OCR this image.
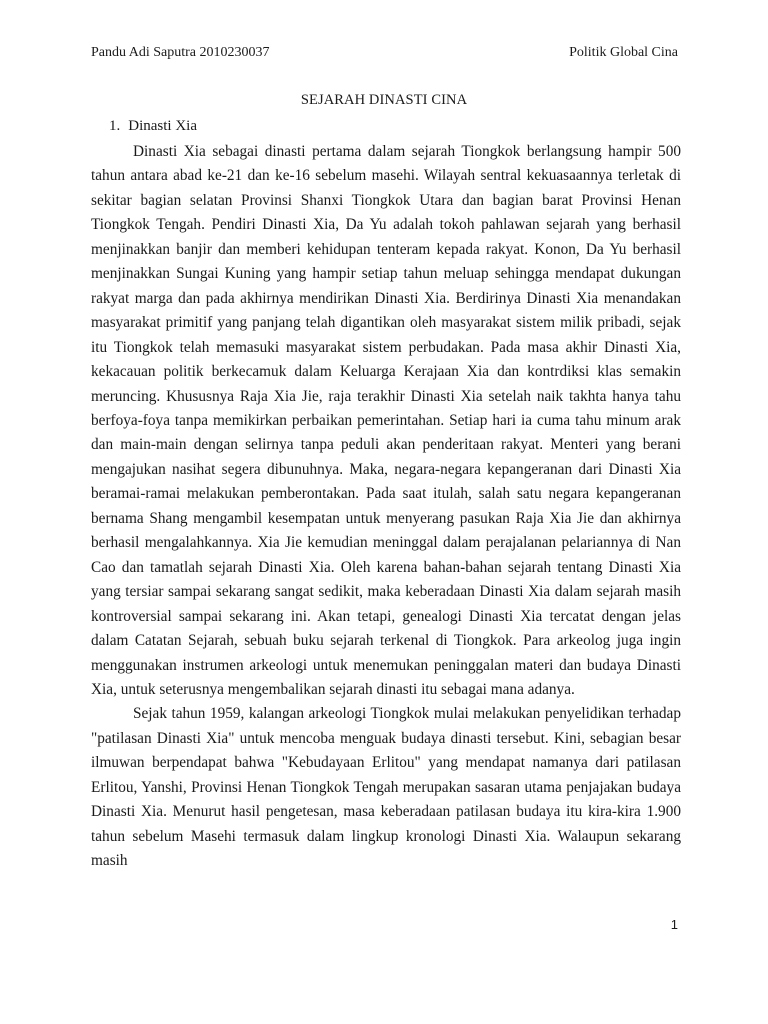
Pandu Adi Saputra 2010230037	Politik Global Cina
SEJARAH DINASTI CINA
1. Dinasti Xia

Dinasti Xia sebagai dinasti pertama dalam sejarah Tiongkok berlangsung hampir 500 tahun antara abad ke-21 dan ke-16 sebelum masehi. Wilayah sentral kekuasaannya terletak di sekitar bagian selatan Provinsi Shanxi Tiongkok Utara dan bagian barat Provinsi Henan Tiongkok Tengah. Pendiri Dinasti Xia, Da Yu adalah tokoh pahlawan sejarah yang berhasil menjinakkan banjir dan memberi kehidupan tenteram kepada rakyat. Konon, Da Yu berhasil menjinakkan Sungai Kuning yang hampir setiap tahun meluap sehingga mendapat dukungan rakyat marga dan pada akhirnya mendirikan Dinasti Xia. Berdirinya Dinasti Xia menandakan masyarakat primitif yang panjang telah digantikan oleh masyarakat sistem milik pribadi, sejak itu Tiongkok telah memasuki masyarakat sistem perbudakan. Pada masa akhir Dinasti Xia, kekacauan politik berkecamuk dalam Keluarga Kerajaan Xia dan kontrdiksi klas semakin meruncing. Khususnya Raja Xia Jie, raja terakhir Dinasti Xia setelah naik takhta hanya tahu berfoya-foya tanpa memikirkan perbaikan pemerintahan. Setiap hari ia cuma tahu minum arak dan main-main dengan selirnya tanpa peduli akan penderitaan rakyat. Menteri yang berani mengajukan nasihat segera dibunuhnya. Maka, negara-negara kepangeranan dari Dinasti Xia beramai-ramai melakukan pemberontakan. Pada saat itulah, salah satu negara kepangeranan bernama Shang mengambil kesempatan untuk menyerang pasukan Raja Xia Jie dan akhirnya berhasil mengalahkannya. Xia Jie kemudian meninggal dalam perajalanan pelariannya di Nan Cao dan tamatlah sejarah Dinasti Xia. Oleh karena bahan-bahan sejarah tentang Dinasti Xia yang tersiar sampai sekarang sangat sedikit, maka keberadaan Dinasti Xia dalam sejarah masih kontroversial sampai sekarang ini. Akan tetapi, genealogi Dinasti Xia tercatat dengan jelas dalam Catatan Sejarah, sebuah buku sejarah terkenal di Tiongkok. Para arkeolog juga ingin menggunakan instrumen arkeologi untuk menemukan peninggalan materi dan budaya Dinasti Xia, untuk seterusnya mengembalikan sejarah dinasti itu sebagai mana adanya.

Sejak tahun 1959, kalangan arkeologi Tiongkok mulai melakukan penyelidikan terhadap "patilasan Dinasti Xia" untuk mencoba menguak budaya dinasti tersebut. Kini, sebagian besar ilmuwan berpendapat bahwa "Kebudayaan Erlitou" yang mendapat namanya dari patilasan Erlitou, Yanshi, Provinsi Henan Tiongkok Tengah merupakan sasaran utama penjajakan budaya Dinasti Xia. Menurut hasil pengetesan, masa keberadaan patilasan budaya itu kira-kira 1.900 tahun sebelum Masehi termasuk dalam lingkup kronologi Dinasti Xia. Walaupun sekarang masih

1
